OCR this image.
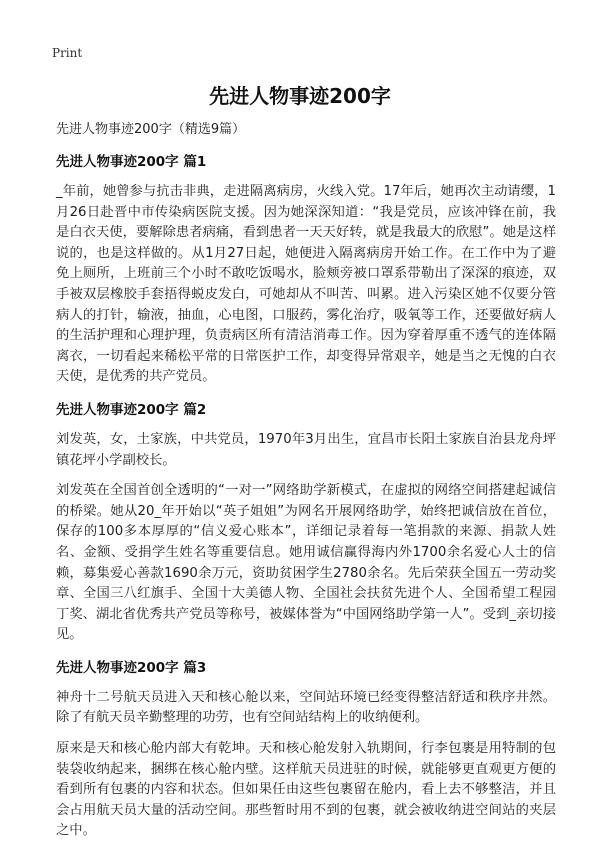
Print
先进人物事迹200字

先进人物事迹200字（精选9篇）

先进人物事迹200字 篇1

_年前，她曾参与抗击非典，走进隔离病房，火线入党。17年后，她再次主动请缨，1月26日赴晋中市传染病医院支援。因为她深深知道：“我是党员，应该冲锋在前，我是白衣天使，要解除患者病痛，看到患者一天天好转，就是我最大的欣慰”。她是这样说的，也是这样做的。从1月27日起，她便进入隔离病房开始工作。在工作中为了避免上厕所，上班前三个小时不敢吃饭喝水，脸颊旁被口罩系带勒出了深深的痕迹，双手被双层橡胶手套捂得蜕皮发白，可她却从不叫苦、叫累。进入污染区她不仅要分管病人的打针，输液，抽血，心电图，口服药，雾化治疗，吸氧等工作，还要做好病人的生活护理和心理护理，负责病区所有清洁消毒工作。因为穿着厚重不透气的连体隔离衣，一切看起来稀松平常的日常医护工作，却变得异常艰辛，她是当之无愧的白衣天使，是优秀的共产党员。

先进人物事迹200字 篇2

刘发英，女，土家族，中共党员，1970年3月出生，宜昌市长阳土家族自治县龙舟坪镇花坪小学副校长。

刘发英在全国首创全透明的“一对一”网络助学新模式，在虚拟的网络空间搭建起诚信的桥梁。她从20_年开始以“英子姐姐”为网名开展网络助学，始终把诚信放在首位，保存的100多本厚厚的“信义爱心账本”，详细记录着每一笔捐款的来源、捐款人姓名、金额、受捐学生姓名等重要信息。她用诚信赢得海内外1700余名爱心人士的信赖，募集爱心善款1690余万元，资助贫困学生2780余名。先后荣获全国五一劳动奖章、全国三八红旗手、全国十大美德人物、全国社会扶贫先进个人、全国希望工程园丁奖、湖北省优秀共产党员等称号，被媒体誉为“中国网络助学第一人”。受到_亲切接见。

先进人物事迹200字 篇3

神舟十二号航天员进入天和核心舱以来，空间站环境已经变得整洁舒适和秩序井然。除了有航天员辛勤整理的功劳，也有空间站结构上的收纳便利。

原来是天和核心舱内部大有乾坤。天和核心舱发射入轨期间，行李包裹是用特制的包装袋收纳起来，捆绑在核心舱内壁。这样航天员进驻的时候，就能够更直观更方便的看到所有包裹的内容和状态。但如果任由这些包裹留在舱内，看上去不够整洁，并且会占用航天员大量的活动空间。那些暂时用不到的包裹，就会被收纳进空间站的夹层之中。
